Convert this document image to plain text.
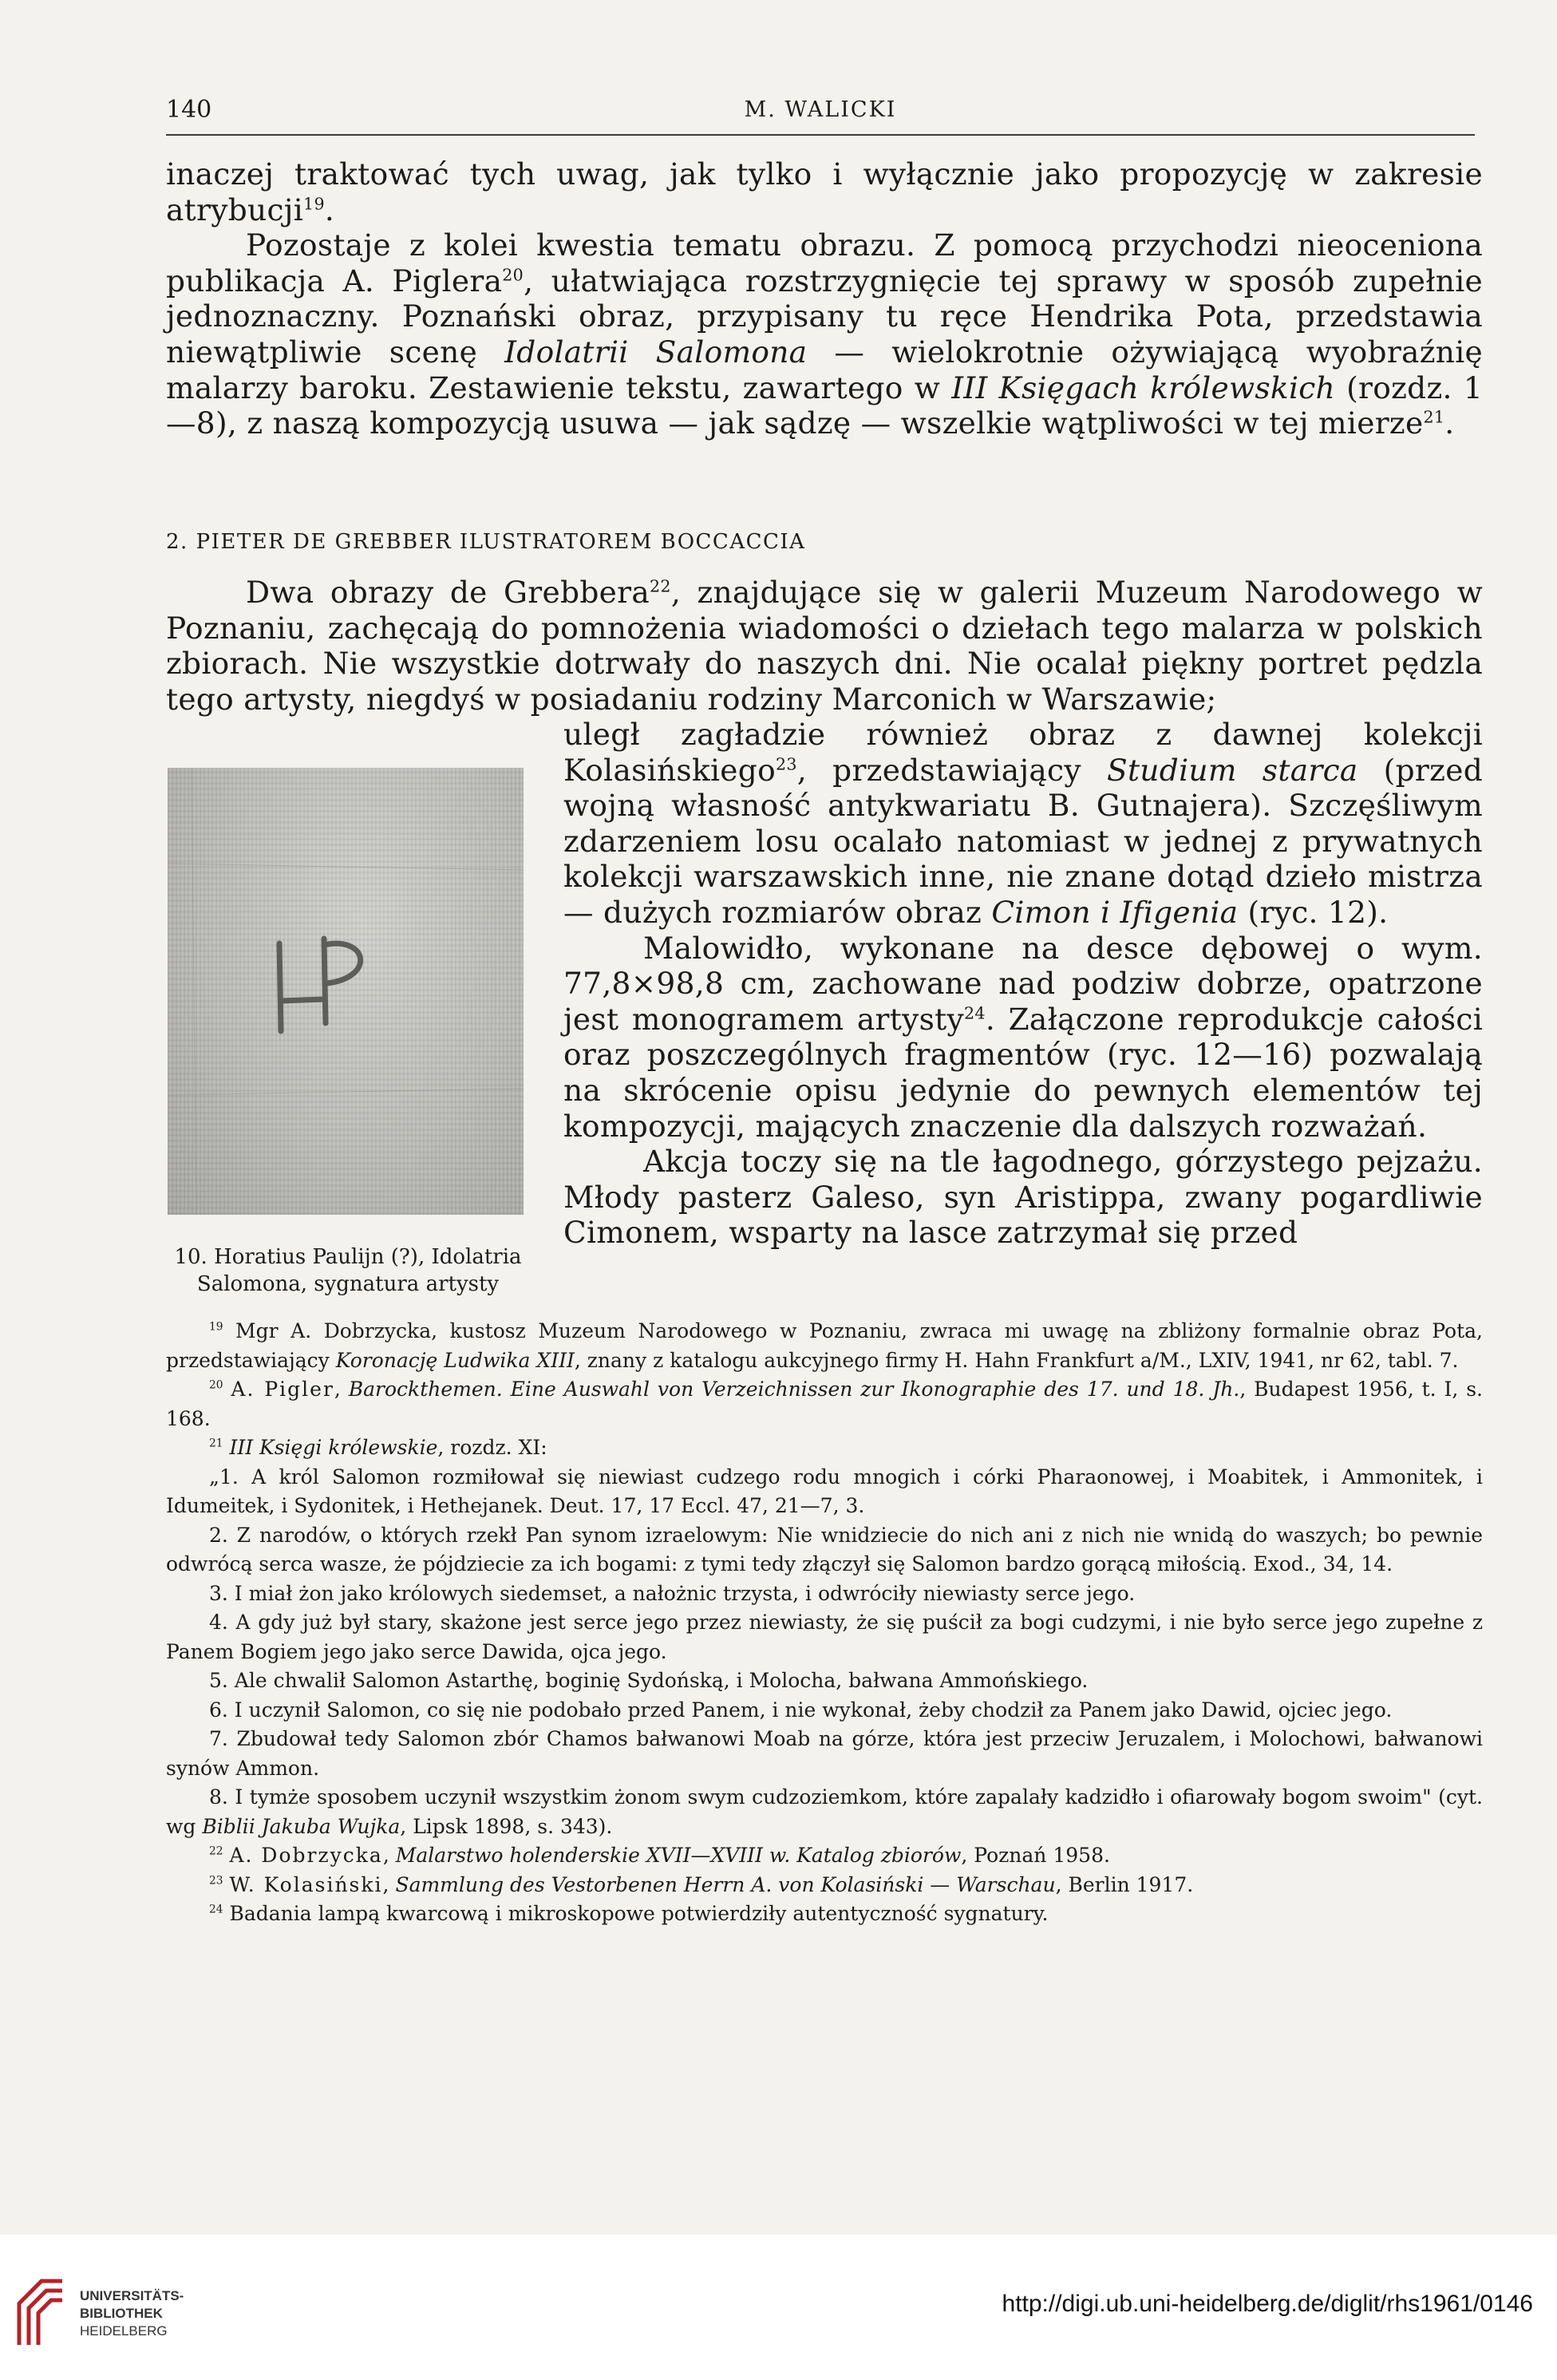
140	M. WALICKI

inaczej traktować tych uwag, jak tylko i wyłącznie jako propozycję w zakresie atrybucji$^{19}$.

Pozostaje z kolei kwestia tematu obrazu. Z pomocą przychodzi nieoceniona publikacja A. Piglera$^{20}$, ułatwiająca rozstrzygnięcie tej sprawy w sposób zupełnie jednoznaczny. Poznański obraz, przypisany tu ręce Hendrika Pota, przedstawia niewątpliwie scenę Idolatrii Salomona — wielokrotnie ożywiającą wyobraźnię malarzy baroku. Zestawienie tekstu, zawartego w III Księgach królewskich (rozdz. 1—8), z naszą kompozycją usuwa — jak sądzę — wszelkie wątpliwości w tej mierze$^{21}$.

2. PIETER DE GREBBER ILUSTRATOREM BOCCACCIA

Dwa obrazy de Grebbera$^{22}$, znajdujące się w galerii Muzeum Narodowego w Poznaniu, zachęcają do pomnożenia wiadomości o dziełach tego malarza w polskich zbiorach. Nie wszystkie dotrwały do naszych dni. Nie ocalał piękny portret pędzla tego artysty, niegdyś w posiadaniu rodziny Marconich w Warszawie;

uległ zagładzie również obraz z dawnej kolekcji Kolasińskiego$^{23}$, przedstawiający Studium starca (przed wojną własność antykwariatu B. Gutnajera). Szczęśliwym zdarzeniem losu ocalało natomiast w jednej z prywatnych kolekcji warszawskich inne, nie znane dotąd dzieło mistrza — dużych rozmiarów obraz Cimon i Ifigenia (ryc. 12).

Malowidło, wykonane na desce dębowej o wym. 77,8×98,8 cm, zachowane nad podziw dobrze, opatrzone jest monogramem artysty$^{24}$. Załączone reprodukcje całości oraz poszczególnych fragmentów (ryc. 12—16) pozwalają na skrócenie opisu jedynie do pewnych elementów tej kompozycji, mających znaczenie dla dalszych rozważań.

Akcja toczy się na tle łagodnego, górzystego pejzażu. Młody pasterz Galeso, syn Aristippa, zwany pogardliwie Cimonem, wsparty na lasce zatrzymał się przed

10. Horatius Paulijn (?), Idolatria
Salomona, sygnatura artysty

$^{19}$ Mgr A. Dobrzycka, kustosz Muzeum Narodowego w Poznaniu, zwraca mi uwagę na zbliżony formalnie obraz Pota, przedstawiający Koronację Ludwika XIII, znany z katalogu aukcyjnego firmy H. Hahn Frankfurt a/M., LXIV, 1941, nr 62, tabl. 7.

$^{20}$ A. Pigler, Barockthemen. Eine Auswahl von Verzeichnissen zur Ikonographie des 17. und 18. Jh., Budapest 1956, t. I, s. 168.

$^{21}$ III Księgi królewskie, rozdz. XI:

„1. A król Salomon rozmiłował się niewiast cudzego rodu mnogich i córki Pharaonowej, i Moabitek, i Ammonitek, i Idumeitek, i Sydonitek, i Hethejanek. Deut. 17, 17 Eccl. 47, 21—7, 3.

2. Z narodów, o których rzekł Pan synom izraelowym: Nie wnidziecie do nich ani z nich nie wnidą do waszych; bo pewnie odwrócą serca wasze, że pójdziecie za ich bogami: z tymi tedy złączył się Salomon bardzo gorącą miłością. Exod., 34, 14.

3. I miał żon jako królowych siedemset, a nałożnic trzysta, i odwróciły niewiasty serce jego.

4. A gdy już był stary, skażone jest serce jego przez niewiasty, że się puścił za bogi cudzymi, i nie było serce jego zupełne z Panem Bogiem jego jako serce Dawida, ojca jego.

5. Ale chwalił Salomon Astarthę, boginię Sydońską, i Molocha, bałwana Ammońskiego.

6. I uczynił Salomon, co się nie podobało przed Panem, i nie wykonał, żeby chodził za Panem jako Dawid, ojciec jego.

7. Zbudował tedy Salomon zbór Chamos bałwanowi Moab na górze, która jest przeciw Jeruzalem, i Molochowi, bałwanowi synów Ammon.

8. I tymże sposobem uczynił wszystkim żonom swym cudzoziemkom, które zapalały kadzidło i ofiarowały bogom swoim" (cyt. wg Biblii Jakuba Wujka, Lipsk 1898, s. 343).

$^{22}$ A. Dobrzycka, Malarstwo holenderskie XVII—XVIII w. Katalog zbiorów, Poznań 1958.

$^{23}$ W. Kolasiński, Sammlung des Vestorbenen Herrn A. von Kolasiński — Warschau, Berlin 1917.

$^{24}$ Badania lampą kwarcową i mikroskopowe potwierdziły autentyczność sygnatury.

UNIVERSITÄTS-
BIBLIOTHEK
HEIDELBERG
http://digi.ub.uni-heidelberg.de/diglit/rhs1961/0146
